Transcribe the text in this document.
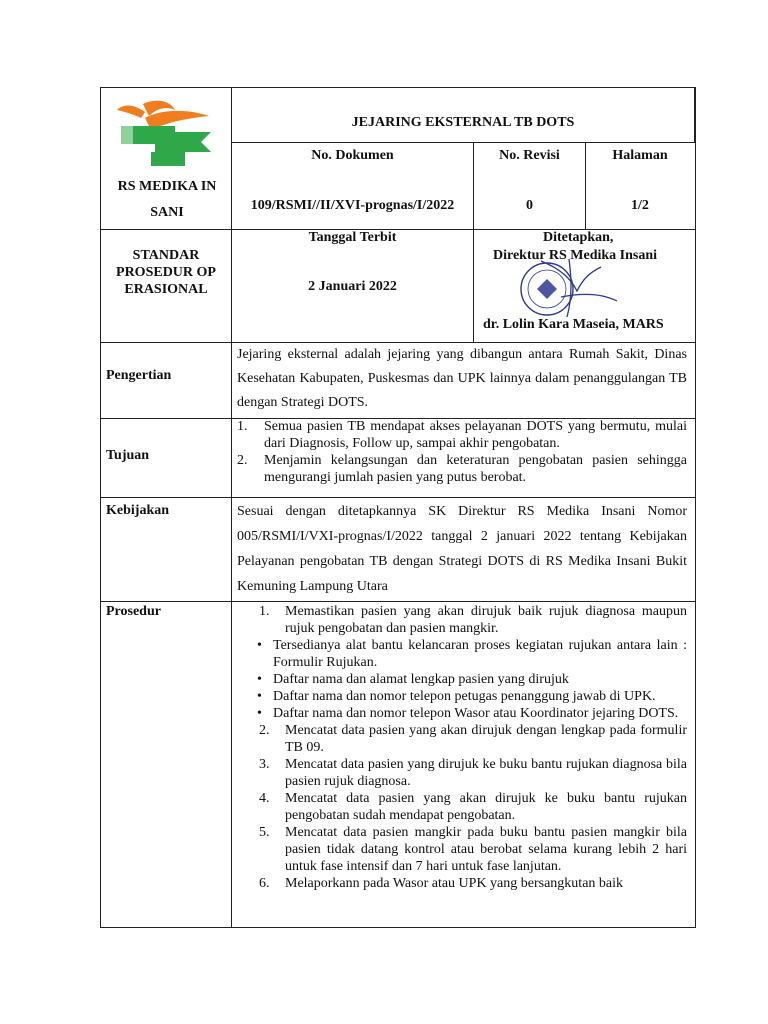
RS MEDIKA IN
SANI
JEJARING EKSTERNAL TB DOTS
No. Dokumen	No. Revisi	Halaman
109/RSMI//II/XVI-prognas/I/2022	0	1/2
STANDAR
PROSEDUR OP
ERASIONAL
Tanggal Terbit
2 Januari 2022
Ditetapkan,
Direktur RS Medika Insani
dr. Lolin Kara Maseia, MARS
Pengertian
Jejaring eksternal adalah jejaring yang dibangun antara Rumah Sakit, Dinas Kesehatan Kabupaten, Puskesmas dan UPK lainnya dalam penanggulangan TB dengan Strategi DOTS.
Tujuan
1.	Semua pasien TB mendapat akses pelayanan DOTS yang bermutu, mulai dari Diagnosis, Follow up, sampai akhir pengobatan.
2.	Menjamin kelangsungan dan keteraturan pengobatan pasien sehingga mengurangi jumlah pasien yang putus berobat.
Kebijakan	Sesuai dengan ditetapkannya SK Direktur RS Medika Insani Nomor 005/RSMI/I/VXI-prognas/I/2022 tanggal 2 januari 2022 tentang Kebijakan Pelayanan pengobatan TB dengan Strategi DOTS di RS Medika Insani Bukit Kemuning Lampung Utara
Prosedur	1.	Memastikan pasien yang akan dirujuk baik rujuk diagnosa maupun rujuk pengobatan dan pasien mangkir.
• Tersedianya alat bantu kelancaran proses kegiatan rujukan antara lain : Formulir Rujukan.
• Daftar nama dan alamat lengkap pasien yang dirujuk
• Daftar nama dan nomor telepon petugas penanggung jawab di UPK.
• Daftar nama dan nomor telepon Wasor atau Koordinator jejaring DOTS.
2.	Mencatat data pasien yang akan dirujuk dengan lengkap pada formulir TB 09.
3.	Mencatat data pasien yang dirujuk ke buku bantu rujukan diagnosa bila pasien rujuk diagnosa.
4.	Mencatat data pasien yang akan dirujuk ke buku bantu rujukan pengobatan sudah mendapat pengobatan.
5.	Mencatat data pasien mangkir pada buku bantu pasien mangkir bila pasien tidak datang kontrol atau berobat selama kurang lebih 2 hari untuk fase intensif dan 7 hari untuk fase lanjutan.
6.	Melaporkann pada Wasor atau UPK yang bersangkutan baik
